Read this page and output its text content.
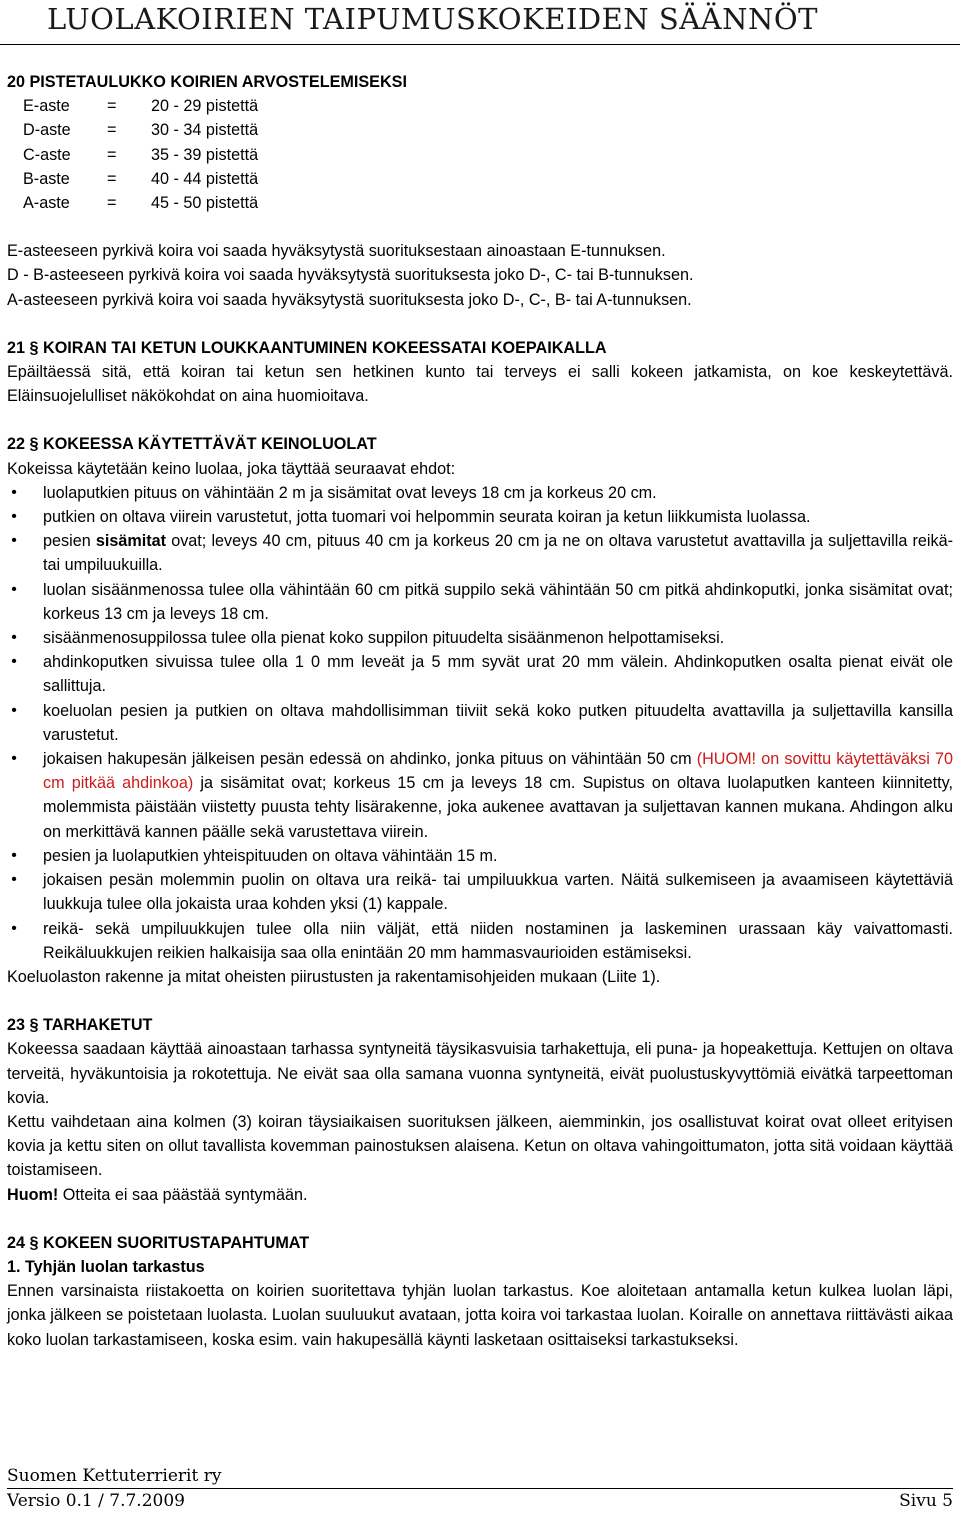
LUOLAKOIRIEN TAIPUMUSKOKEIDEN SÄÄNNÖT

20 PISTETAULUKKO KOIRIEN ARVOSTELEMISEKSI

E-aste	=	20 - 29 pistettä
D-aste	=	30 - 34 pistettä
C-aste	=	35 - 39 pistettä
B-aste	=	40 - 44 pistettä
A-aste	=	45 - 50 pistettä

E-asteeseen pyrkivä koira voi saada hyväksytystä suorituksestaan ainoastaan E-tunnuksen.

D - B-asteeseen pyrkivä koira voi saada hyväksytystä suorituksesta joko D-, C- tai B-tunnuksen.

A-asteeseen pyrkivä koira voi saada hyväksytystä suorituksesta joko D-, C-, B- tai A-tunnuksen.

21 § KOIRAN TAI KETUN LOUKKAANTUMINEN KOKEESSATAI KOEPAIKALLA

Epäiltäessä sitä, että koiran tai ketun sen hetkinen kunto tai terveys ei salli kokeen jatkamista, on koe keskeytettävä. Eläinsuojelulliset näkökohdat on aina huomioitava.

22 § KOKEESSA KÄYTETTÄVÄT KEINOLUOLAT

Kokeissa käytetään keino luolaa, joka täyttää seuraavat ehdot:

• luolaputkien pituus on vähintään 2 m ja sisämitat ovat leveys 18 cm ja korkeus 20 cm.
• putkien on oltava viirein varustetut, jotta tuomari voi helpommin seurata koiran ja ketun liikkumista luolassa.
• pesien sisämitat ovat; leveys 40 cm, pituus 40 cm ja korkeus 20 cm ja ne on oltava varustetut avattavilla ja suljettavilla reikä- tai umpiluukuilla.
• luolan sisäänmenossa tulee olla vähintään 60 cm pitkä suppilo sekä vähintään 50 cm pitkä ahdinkoputki, jonka sisämitat ovat; korkeus 13 cm ja leveys 18 cm.
• sisäänmenosuppilossa tulee olla pienat koko suppilon pituudelta sisäänmenon helpottamiseksi.
• ahdinkoputken sivuissa tulee olla 1 0 mm leveät ja 5 mm syvät urat 20 mm välein. Ahdinkoputken osalta pienat eivät ole sallittuja.
• koeluolan pesien ja putkien on oltava mahdollisimman tiiviit sekä koko putken pituudelta avattavilla ja suljettavilla kansilla varustetut.
• jokaisen hakupesän jälkeisen pesän edessä on ahdinko, jonka pituus on vähintään 50 cm (HUOM! on sovittu käytettäväksi 70 cm pitkää ahdinkoa) ja sisämitat ovat; korkeus 15 cm ja leveys 18 cm. Supistus on oltava luolaputken kanteen kiinnitetty, molemmista päistään viistetty puusta tehty lisärakenne, joka aukenee avattavan ja suljettavan kannen mukana. Ahdingon alku on merkittävä kannen päälle sekä varustettava viirein.
• pesien ja luolaputkien yhteispituuden on oltava vähintään 15 m.
• jokaisen pesän molemmin puolin on oltava ura reikä- tai umpiluukkua varten. Näitä sulkemiseen ja avaamiseen käytettäviä luukkuja tulee olla jokaista uraa kohden yksi (1) kappale.
• reikä- sekä umpiluukkujen tulee olla niin väljät, että niiden nostaminen ja laskeminen urassaan käy vaivattomasti. Reikäluukkujen reikien halkaisija saa olla enintään 20 mm hammasvaurioiden estämiseksi.

Koeluolaston rakenne ja mitat oheisten piirustusten ja rakentamisohjeiden mukaan (Liite 1).

23 § TARHAKETUT

Kokeessa saadaan käyttää ainoastaan tarhassa syntyneitä täysikasvuisia tarhakettuja, eli puna- ja hopeakettuja. Kettujen on oltava terveitä, hyväkuntoisia ja rokotettuja. Ne eivät saa olla samana vuonna syntyneitä, eivät puolustuskyvyttömiä eivätkä tarpeettoman kovia.

Kettu vaihdetaan aina kolmen (3) koiran täysiaikaisen suorituksen jälkeen, aiemminkin, jos osallistuvat koirat ovat olleet erityisen kovia ja kettu siten on ollut tavallista kovemman painostuksen alaisena. Ketun on oltava vahingoittumaton, jotta sitä voidaan käyttää toistamiseen.

Huom! Otteita ei saa päästää syntymään.

24 § KOKEEN SUORITUSTAPAHTUMAT

1. Tyhjän luolan tarkastus

Ennen varsinaista riistakoetta on koirien suoritettava tyhjän luolan tarkastus. Koe aloitetaan antamalla ketun kulkea luolan läpi, jonka jälkeen se poistetaan luolasta. Luolan suuluukut avataan, jotta koira voi tarkastaa luolan. Koiralle on annettava riittävästi aikaa koko luolan tarkastamiseen, koska esim. vain hakupesällä käynti lasketaan osittaiseksi tarkastukseksi.

Suomen Kettuterrierit ry
Versio 0.1 / 7.7.2009	Sivu 5
